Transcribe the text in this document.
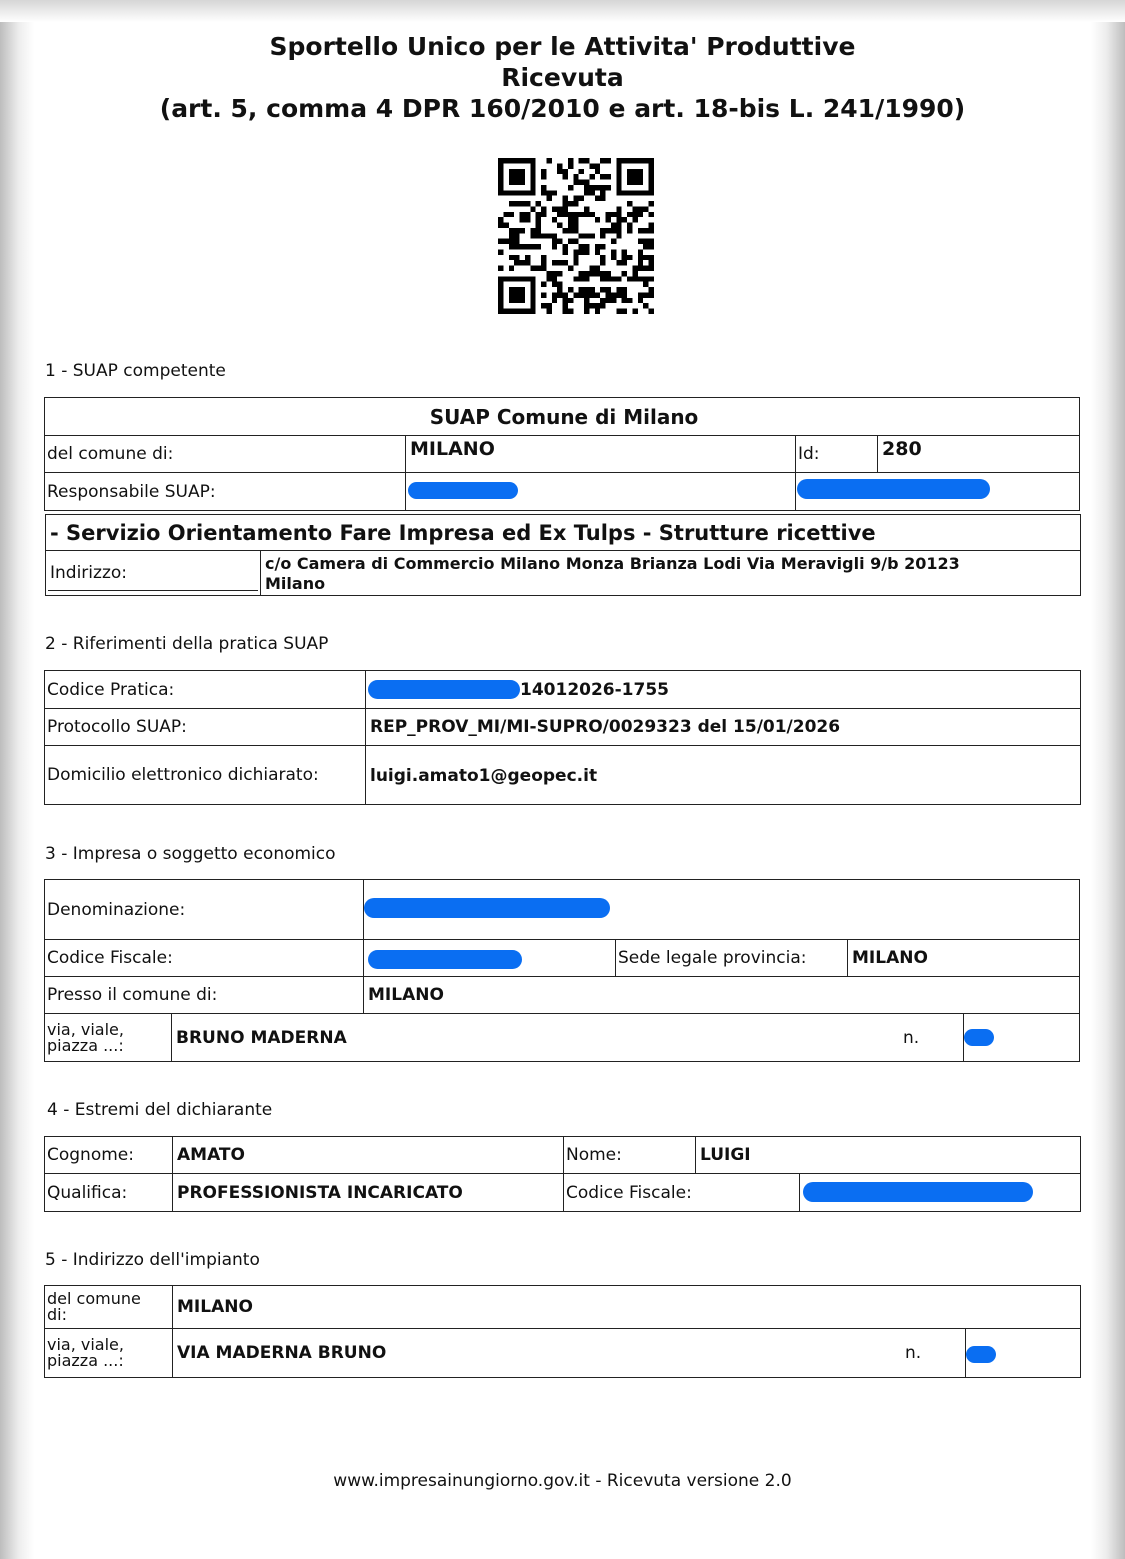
Sportello Unico per le Attivita' Produttive
Ricevuta
(art. 5, comma 4 DPR 160/2010 e art. 18-bis L. 241/1990)
1 - SUAP competente
SUAP Comune di Milano
del comune di:	MILANO	Id:	280
Responsabile SUAP:
- Servizio Orientamento Fare Impresa ed Ex Tulps - Strutture ricettive
Indirizzo:	c/o Camera di Commercio Milano Monza Brianza Lodi Via Meravigli 9/b 20123
Milano
2 - Riferimenti della pratica SUAP
Codice Pratica:	14012026-1755
Protocollo SUAP:	REP_PROV_MI/MI-SUPRO/0029323 del 15/01/2026
Domicilio elettronico dichiarato:	luigi.amato1@geopec.it
3 - Impresa o soggetto economico
Denominazione:
Codice Fiscale:	Sede legale provincia:	MILANO
Presso il comune di:	MILANO
via, viale,
piazza ...:	BRUNO MADERNA	n.
4 - Estremi del dichiarante
Cognome:	AMATO	Nome:	LUIGI
Qualifica:	PROFESSIONISTA INCARICATO	Codice Fiscale:
5 - Indirizzo dell'impianto
del comune
di:	MILANO
via, viale,
piazza ...:	VIA MADERNA BRUNO	n.
www.impresainungiorno.gov.it - Ricevuta versione 2.0
